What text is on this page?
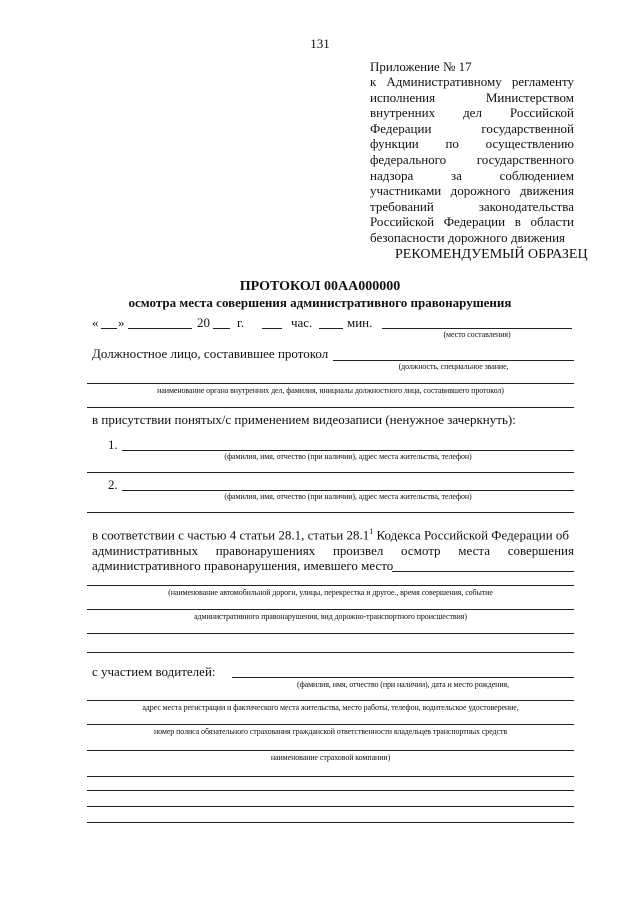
131
Приложение № 17
к Административному регламенту
исполнения	Министерством
внутренних дел Российской
Федерации	государственной
функции по осуществлению
федерального государственного
надзора	за	соблюдением
участниками дорожного движения
требований	законодательства
Российской Федерации в области
безопасности дорожного движения
РЕКОМЕНДУЕМЫЙ ОБРАЗЕЦ
ПРОТОКОЛ 00АА000000
осмотра места совершения административного правонарушения
« »	20 г.	час.	мин.
(место составления)
Должностное лицо, составившее протокол
(должность, специальное звание,
наименование органа внутренних дел, фамилия, инициалы должностного лица, составившего протокол)
в присутствии понятых/с применением видеозаписи (ненужное зачеркнуть):
1.
(фамилия, имя, отчество (при наличии), адрес места жительства, телефон)
2.
(фамилия, имя, отчество (при наличии), адрес места жительства, телефон)
в соответствии с частью 4 статьи 28.1, статьи 28.1$^1$ Кодекса Российской Федерации об
административных правонарушениях произвел осмотр места совершения
административного правонарушения, имевшего место
(наименование автомобильной дороги, улицы, перекрестка и другое., время совершения, событие
административного правонарушения, вид дорожно-транспортного происшествия)
с участием водителей:
(фамилия, имя, отчество (при наличии), дата и место рождения,
адрес места регистрации и фактического места жительства, место работы, телефон, водительское удостоверение,
номер полиса обязательного страхования гражданской ответственности владельцев транспортных средств
наименование страховой компании)
